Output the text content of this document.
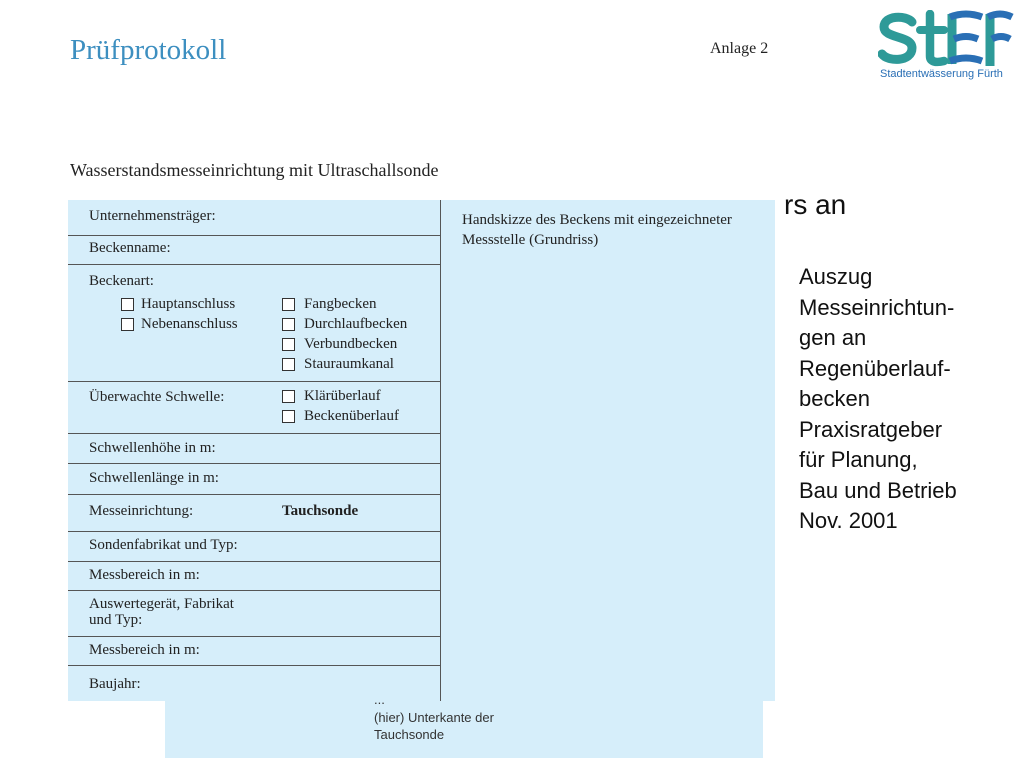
Prüfprotokoll	Anlage 2
Stadtentwässerung Fürth
Wasserstandsmesseinrichtung mit Ultraschallsonde
rs an
Auszug
Messeinrichtun-
gen an
Regenüberlauf-
becken
Praxisratgeber
für Planung,
Bau und Betrieb
Nov. 2001
(hier) Unterkante der
Tauchsonde
Unternehmensträger:
Beckenname:
Beckenart:
Hauptanschluss
Nebenanschluss
Fangbecken
Durchlaufbecken
Verbundbecken
Stauraumkanal
Überwachte Schwelle:	Klärüberlauf
Beckenüberlauf
Schwellenhöhe in m:
Schwellenlänge in m:
Messeinrichtung:	Tauchsonde
Sondenfabrikat und Typ:
Messbereich in m:
Auswertegerät, Fabrikat
und Typ:
Messbereich in m:
Baujahr:
Handskizze des Beckens mit eingezeichneter
Messstelle (Grundriss)
